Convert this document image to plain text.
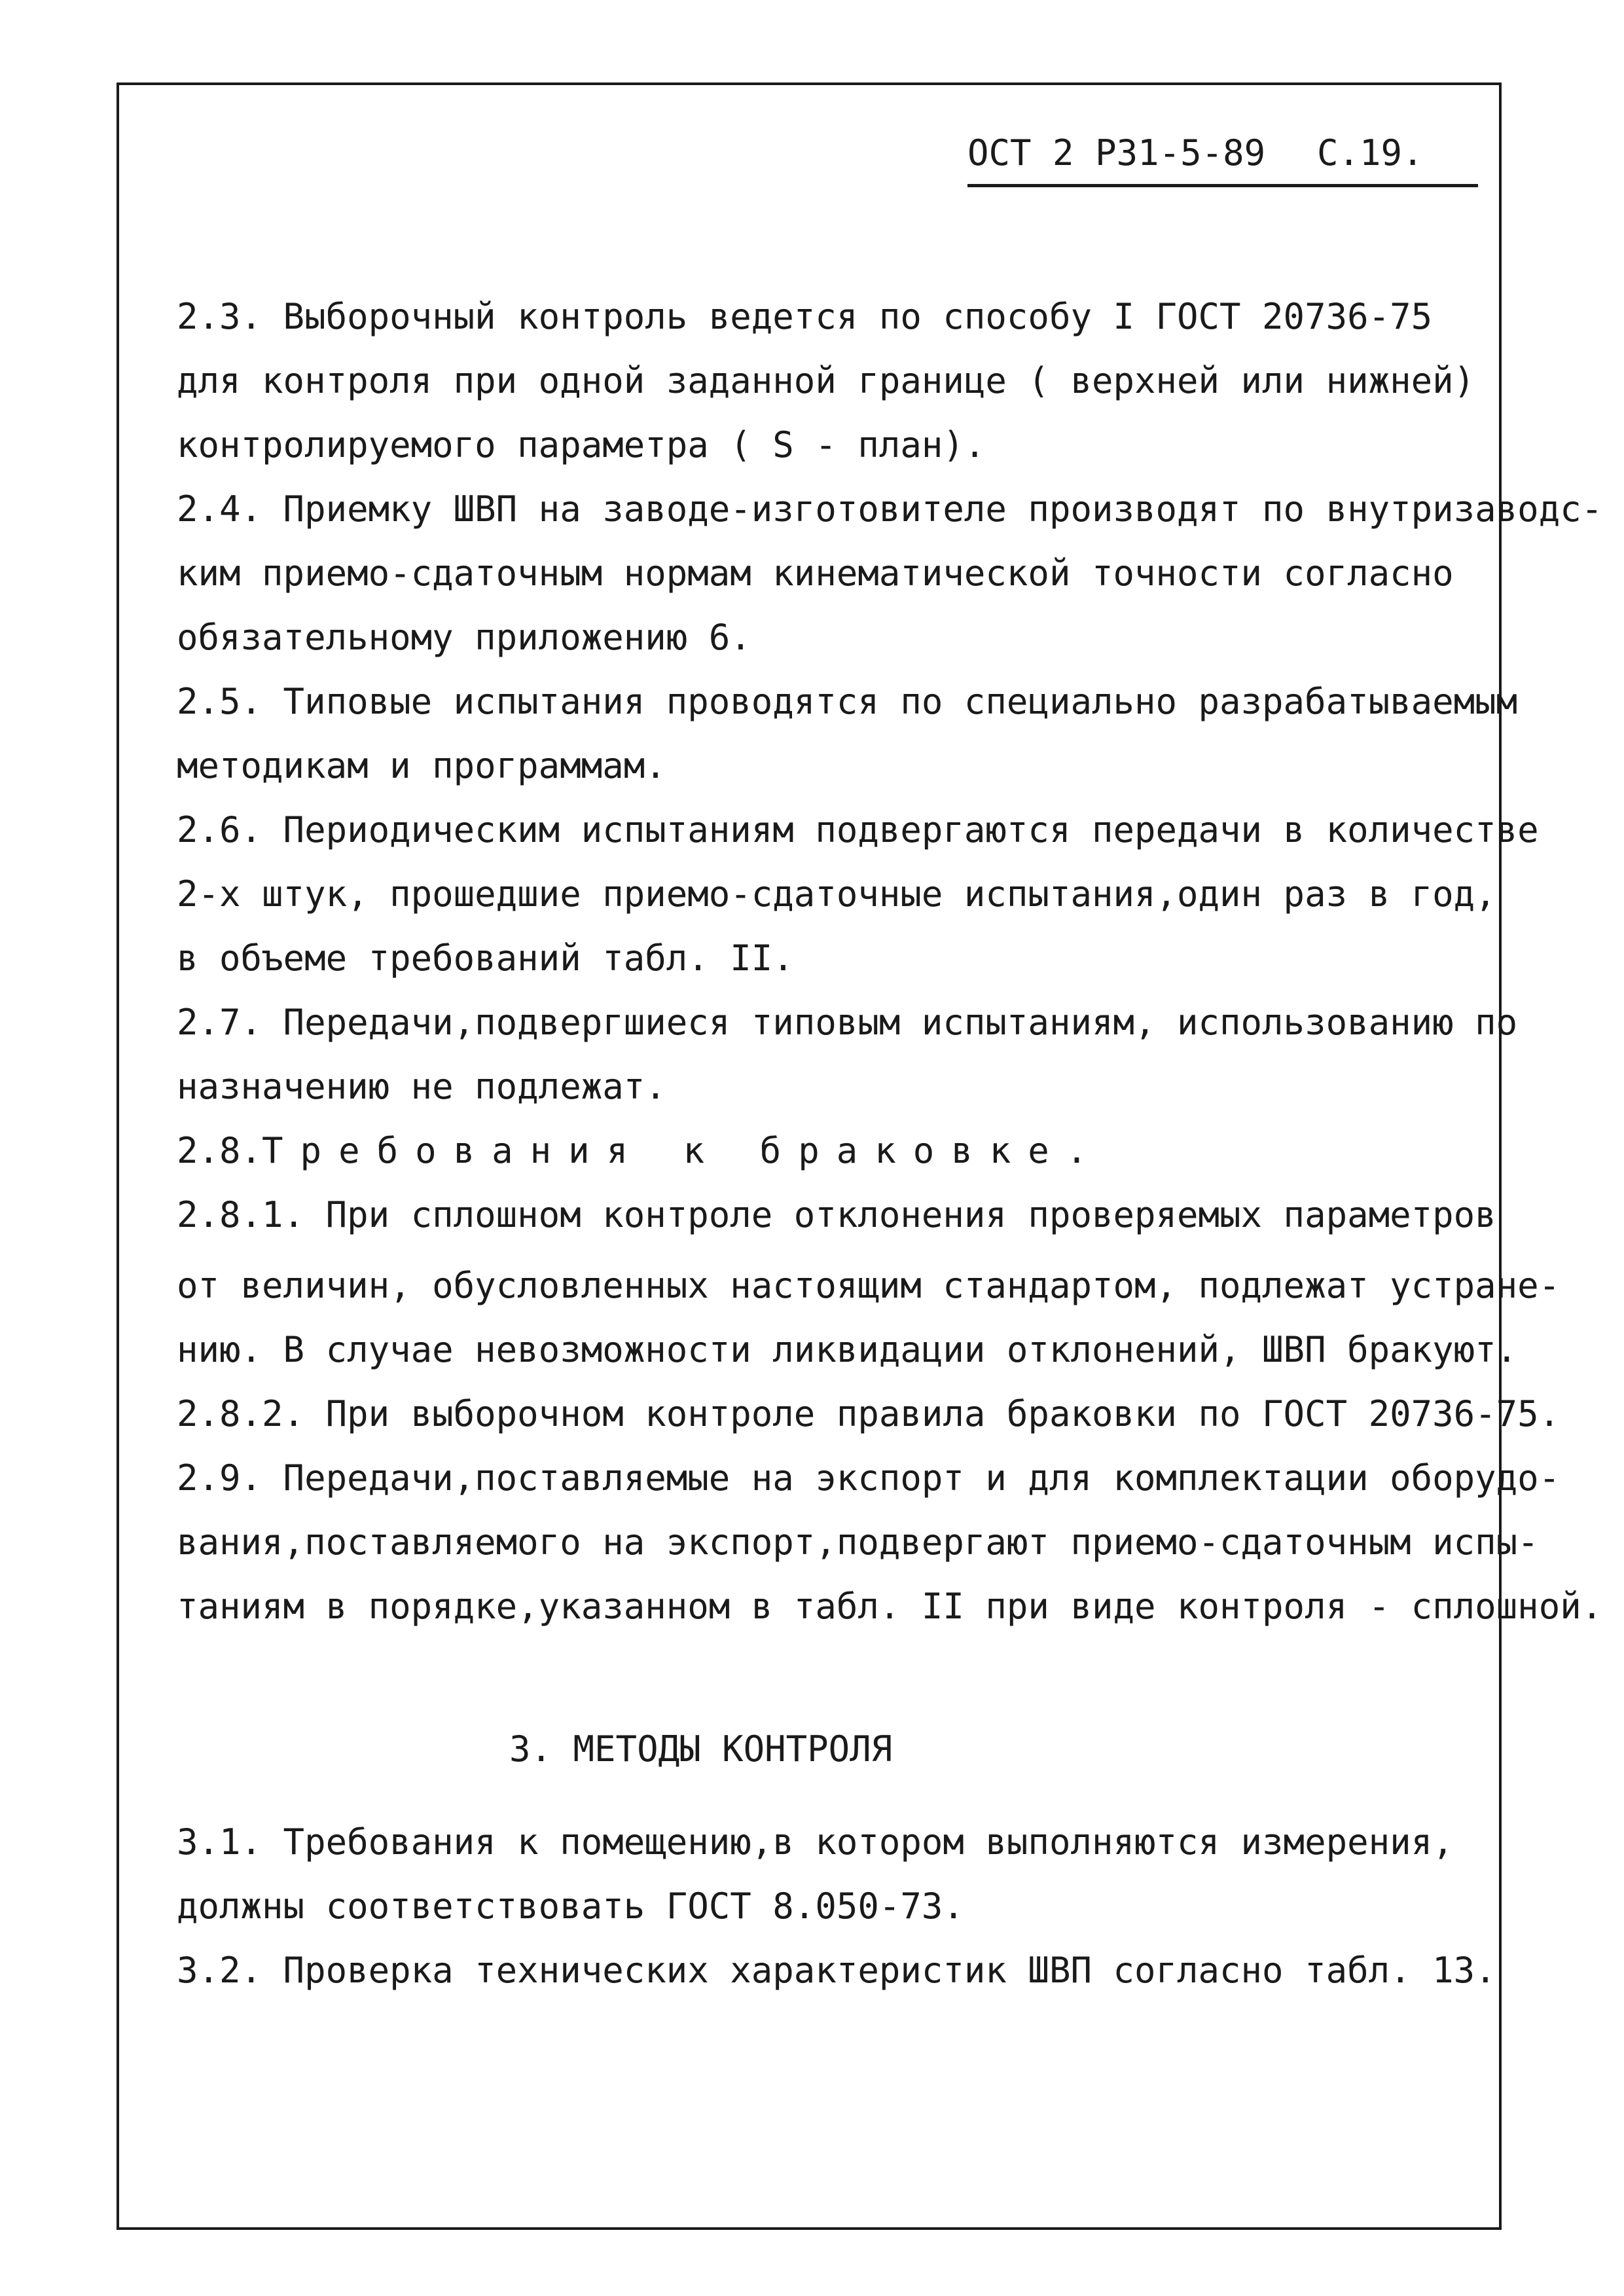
ОСТ 2 Р31-5-89 С.19.
2.3. Выборочный контроль ведется по способу I ГОСТ 20736-75
для контроля при одной заданной границе ( верхней или нижней)
контролируемого параметра ( S - план).
2.4. Приемку ШВП на заводе-изготовителе производят по внутризаводс-
ким приемо-сдаточным нормам кинематической точности согласно
обязательному приложению 6.
2.5. Типовые испытания проводятся по специально разрабатываемым
методикам и программам.
2.6. Периодическим испытаниям подвергаются передачи в количестве
2-х штук, прошедшие приемо-сдаточные испытания,один раз в год,
в объеме требований табл. II.
2.7. Передачи,подвергшиеся типовым испытаниям, использованию по
назначению не подлежат.
2.8.Требования к браковке.
2.8.1. При сплошном контроле отклонения проверяемых параметров
от величин, обусловленных настоящим стандартом, подлежат устране-
нию. В случае невозможности ликвидации отклонений, ШВП бракуют.
2.8.2. При выборочном контроле правила браковки по ГОСТ 20736-75.
2.9. Передачи,поставляемые на экспорт и для комплектации оборудо-
вания,поставляемого на экспорт,подвергают приемо-сдаточным испы-
таниям в порядке,указанном в табл. II при виде контроля - сплошной.
3. МЕТОДЫ КОНТРОЛЯ
3.1. Требования к помещению,в котором выполняются измерения,
должны соответствовать ГОСТ 8.050-73.
3.2. Проверка технических характеристик ШВП согласно табл. 13.
